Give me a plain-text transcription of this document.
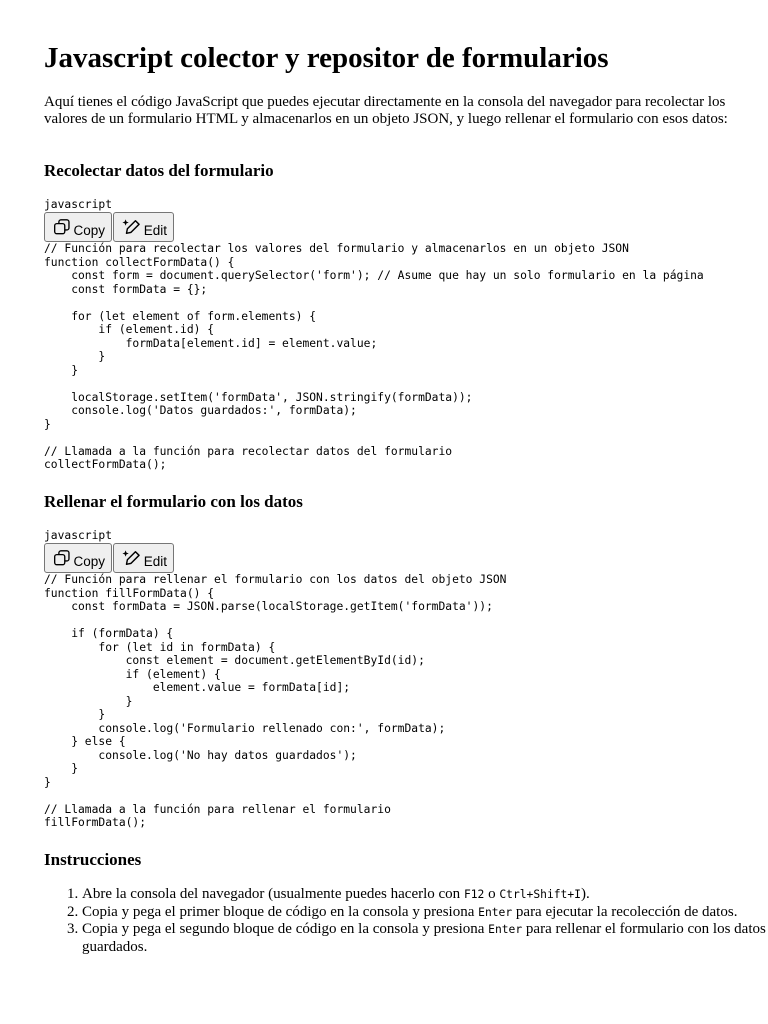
Javascript colector y repositor de formularios

Aquí tienes el código JavaScript que puedes ejecutar directamente en la consola del navegador para recolectar los valores de un formulario HTML y almacenarlos en un objeto JSON, y luego rellenar el formulario con esos datos:

Recolectar datos del formulario
javascript
Copy	Edit
// Función para recolectar los valores del formulario y almacenarlos en un objeto JSON
function collectFormData() {
const form = document.querySelector('form'); // Asume que hay un solo formulario en la página
const formData = {};

for (let element of form.elements) {
if (element.id) {
formData[element.id] = element.value;
}
}

localStorage.setItem('formData', JSON.stringify(formData));
console.log('Datos guardados:', formData);
}

// Llamada a la función para recolectar datos del formulario
collectFormData();
Rellenar el formulario con los datos
javascript
Copy	Edit
// Función para rellenar el formulario con los datos del objeto JSON
function fillFormData() {
const formData = JSON.parse(localStorage.getItem('formData'));

if (formData) {
for (let id in formData) {
const element = document.getElementById(id);
if (element) {
element.value = formData[id];
}
}
console.log('Formulario rellenado con:', formData);
} else {
console.log('No hay datos guardados');
}
}

// Llamada a la función para rellenar el formulario
fillFormData();
Instrucciones
1. Abre la consola del navegador (usualmente puedes hacerlo con F12 o Ctrl+Shift+I).
2. Copia y pega el primer bloque de código en la consola y presiona Enter para ejecutar la recolección de datos.
3. Copia y pega el segundo bloque de código en la consola y presiona Enter para rellenar el formulario con los datos guardados.
